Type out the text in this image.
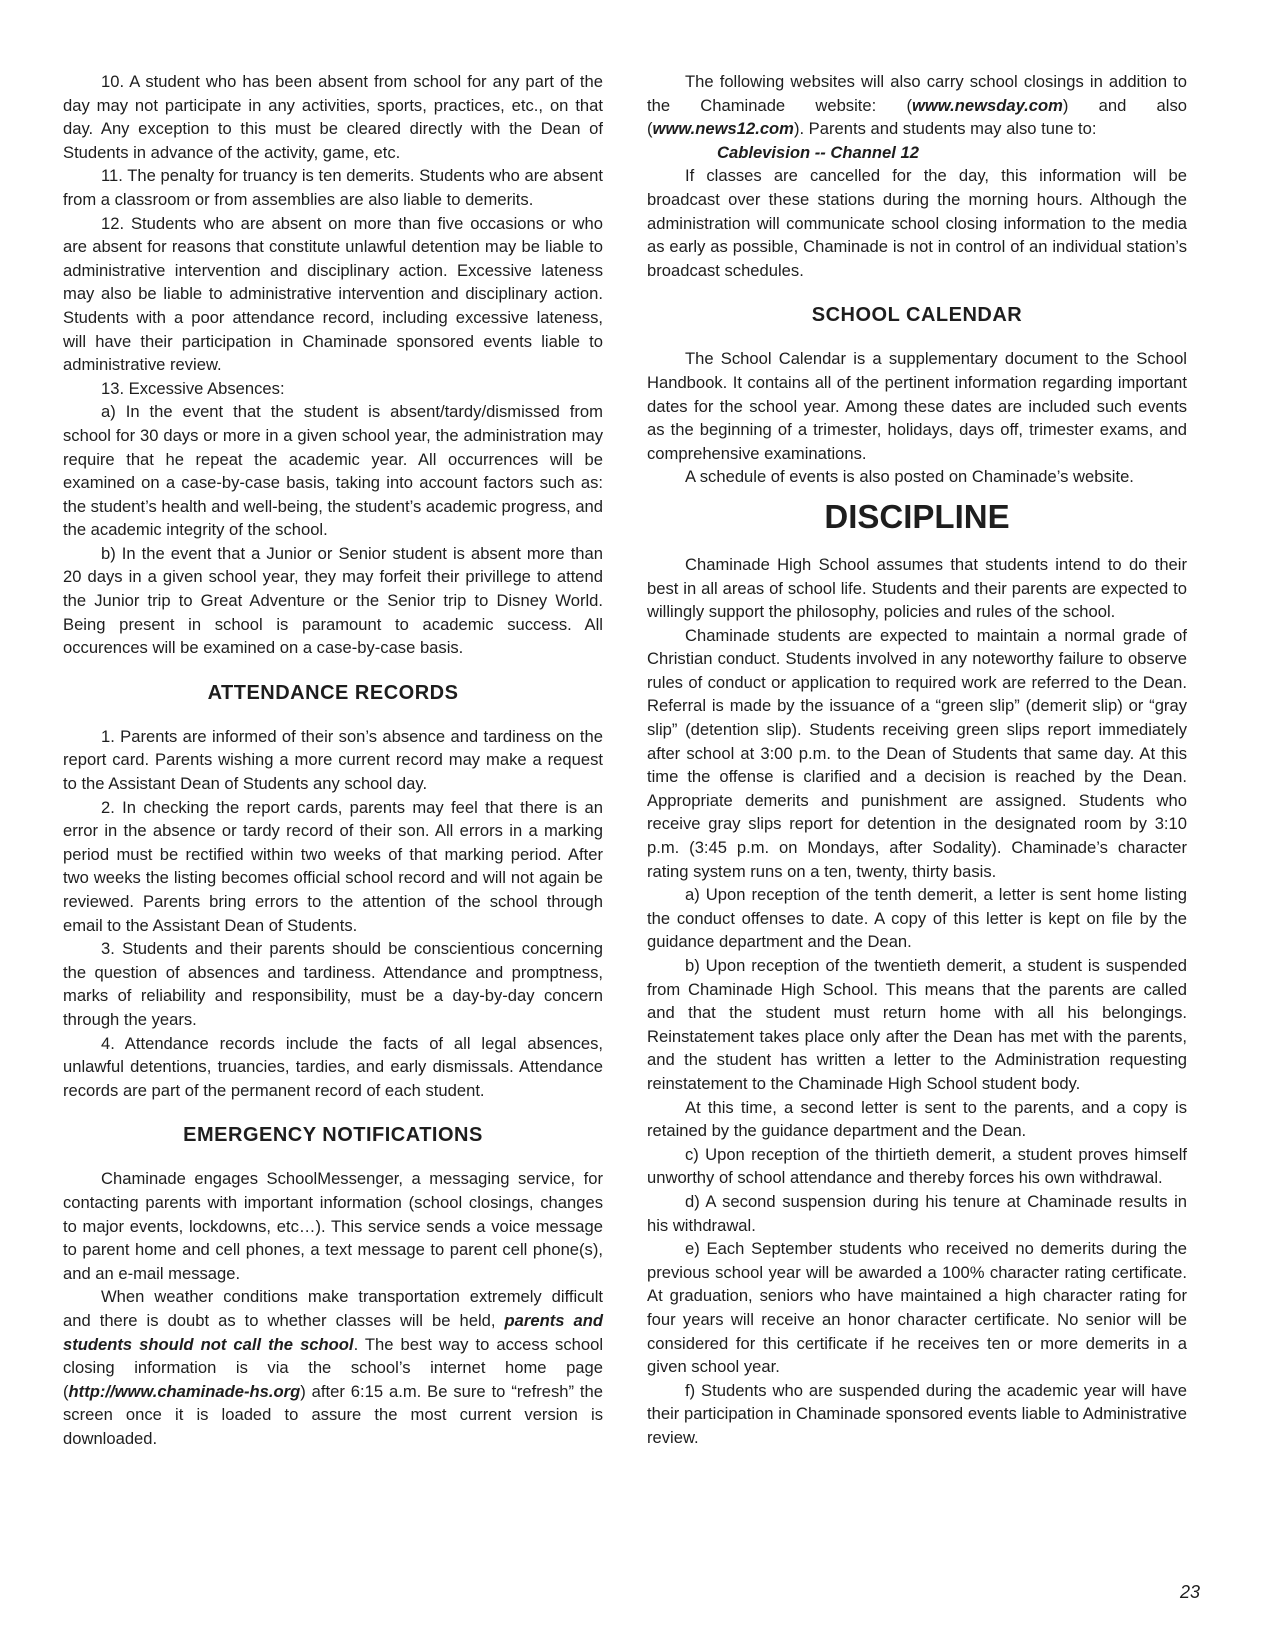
10. A student who has been absent from school for any part of the day may not participate in any activities, sports, practices, etc., on that day. Any exception to this must be cleared directly with the Dean of Students in advance of the activity, game, etc.

11. The penalty for truancy is ten demerits. Students who are absent from a classroom or from assemblies are also liable to demerits.

12. Students who are absent on more than five occasions or who are absent for reasons that constitute unlawful detention may be liable to administrative intervention and disciplinary action. Excessive lateness may also be liable to administrative intervention and disciplinary action. Students with a poor attendance record, including excessive lateness, will have their participation in Chaminade sponsored events liable to administrative review.

13. Excessive Absences:

a) In the event that the student is absent/tardy/dismissed from school for 30 days or more in a given school year, the administration may require that he repeat the academic year. All occurrences will be examined on a case-by-case basis, taking into account factors such as: the student’s health and well-being, the student’s academic progress, and the academic integrity of the school.

b) In the event that a Junior or Senior student is absent more than 20 days in a given school year, they may forfeit their privillege to attend the Junior trip to Great Adventure or the Senior trip to Disney World. Being present in school is paramount to academic success. All occurences will be examined on a case-by-case basis.

ATTENDANCE RECORDS

1. Parents are informed of their son’s absence and tardiness on the report card. Parents wishing a more current record may make a request to the Assistant Dean of Students any school day.

2. In checking the report cards, parents may feel that there is an error in the absence or tardy record of their son. All errors in a marking period must be rectified within two weeks of that marking period. After two weeks the listing becomes official school record and will not again be reviewed. Parents bring errors to the attention of the school through email to the Assistant Dean of Students.

3. Students and their parents should be conscientious concerning the question of absences and tardiness. Attendance and promptness, marks of reliability and responsibility, must be a day-by-day concern through the years.

4. Attendance records include the facts of all legal absences, unlawful detentions, truancies, tardies, and early dismissals. Attendance records are part of the permanent record of each student.

EMERGENCY NOTIFICATIONS

Chaminade engages SchoolMessenger, a messaging service, for contacting parents with important information (school closings, changes to major events, lockdowns, etc…). This service sends a voice message to parent home and cell phones, a text message to parent cell phone(s), and an e-mail message.

When weather conditions make transportation extremely difficult and there is doubt as to whether classes will be held, parents and students should not call the school. The best way to access school closing information is via the school’s internet home page (http://www.chaminade-hs.org) after 6:15 a.m. Be sure to “refresh” the screen once it is loaded to assure the most current version is downloaded.

The following websites will also carry school closings in addition to the Chaminade website: (www.newsday.com) and also (www.news12.com). Parents and students may also tune to:

Cablevision -- Channel 12

If classes are cancelled for the day, this information will be broadcast over these stations during the morning hours. Although the administration will communicate school closing information to the media as early as possible, Chaminade is not in control of an individual station’s broadcast schedules.

SCHOOL CALENDAR

The School Calendar is a supplementary document to the School Handbook. It contains all of the pertinent information regarding important dates for the school year. Among these dates are included such events as the beginning of a trimester, holidays, days off, trimester exams, and comprehensive examinations.

A schedule of events is also posted on Chaminade’s website.

DISCIPLINE

Chaminade High School assumes that students intend to do their best in all areas of school life. Students and their parents are expected to willingly support the philosophy, policies and rules of the school.

Chaminade students are expected to maintain a normal grade of Christian conduct. Students involved in any noteworthy failure to observe rules of conduct or application to required work are referred to the Dean. Referral is made by the issuance of a “green slip” (demerit slip) or “gray slip” (detention slip). Students receiving green slips report immediately after school at 3:00 p.m. to the Dean of Students that same day. At this time the offense is clarified and a decision is reached by the Dean. Appropriate demerits and punishment are assigned. Students who receive gray slips report for detention in the designated room by 3:10 p.m. (3:45 p.m. on Mondays, after Sodality). Chaminade’s character rating system runs on a ten, twenty, thirty basis.

a) Upon reception of the tenth demerit, a letter is sent home listing the conduct offenses to date. A copy of this letter is kept on file by the guidance department and the Dean.

b) Upon reception of the twentieth demerit, a student is suspended from Chaminade High School. This means that the parents are called and that the student must return home with all his belongings. Reinstatement takes place only after the Dean has met with the parents, and the student has written a letter to the Administration requesting reinstatement to the Chaminade High School student body.

At this time, a second letter is sent to the parents, and a copy is retained by the guidance department and the Dean.

c) Upon reception of the thirtieth demerit, a student proves himself unworthy of school attendance and thereby forces his own withdrawal.

d) A second suspension during his tenure at Chaminade results in his withdrawal.

e) Each September students who received no demerits during the previous school year will be awarded a 100% character rating certificate. At graduation, seniors who have maintained a high character rating for four years will receive an honor character certificate. No senior will be considered for this certificate if he receives ten or more demerits in a given school year.

f) Students who are suspended during the academic year will have their participation in Chaminade sponsored events liable to Administrative review.

23
